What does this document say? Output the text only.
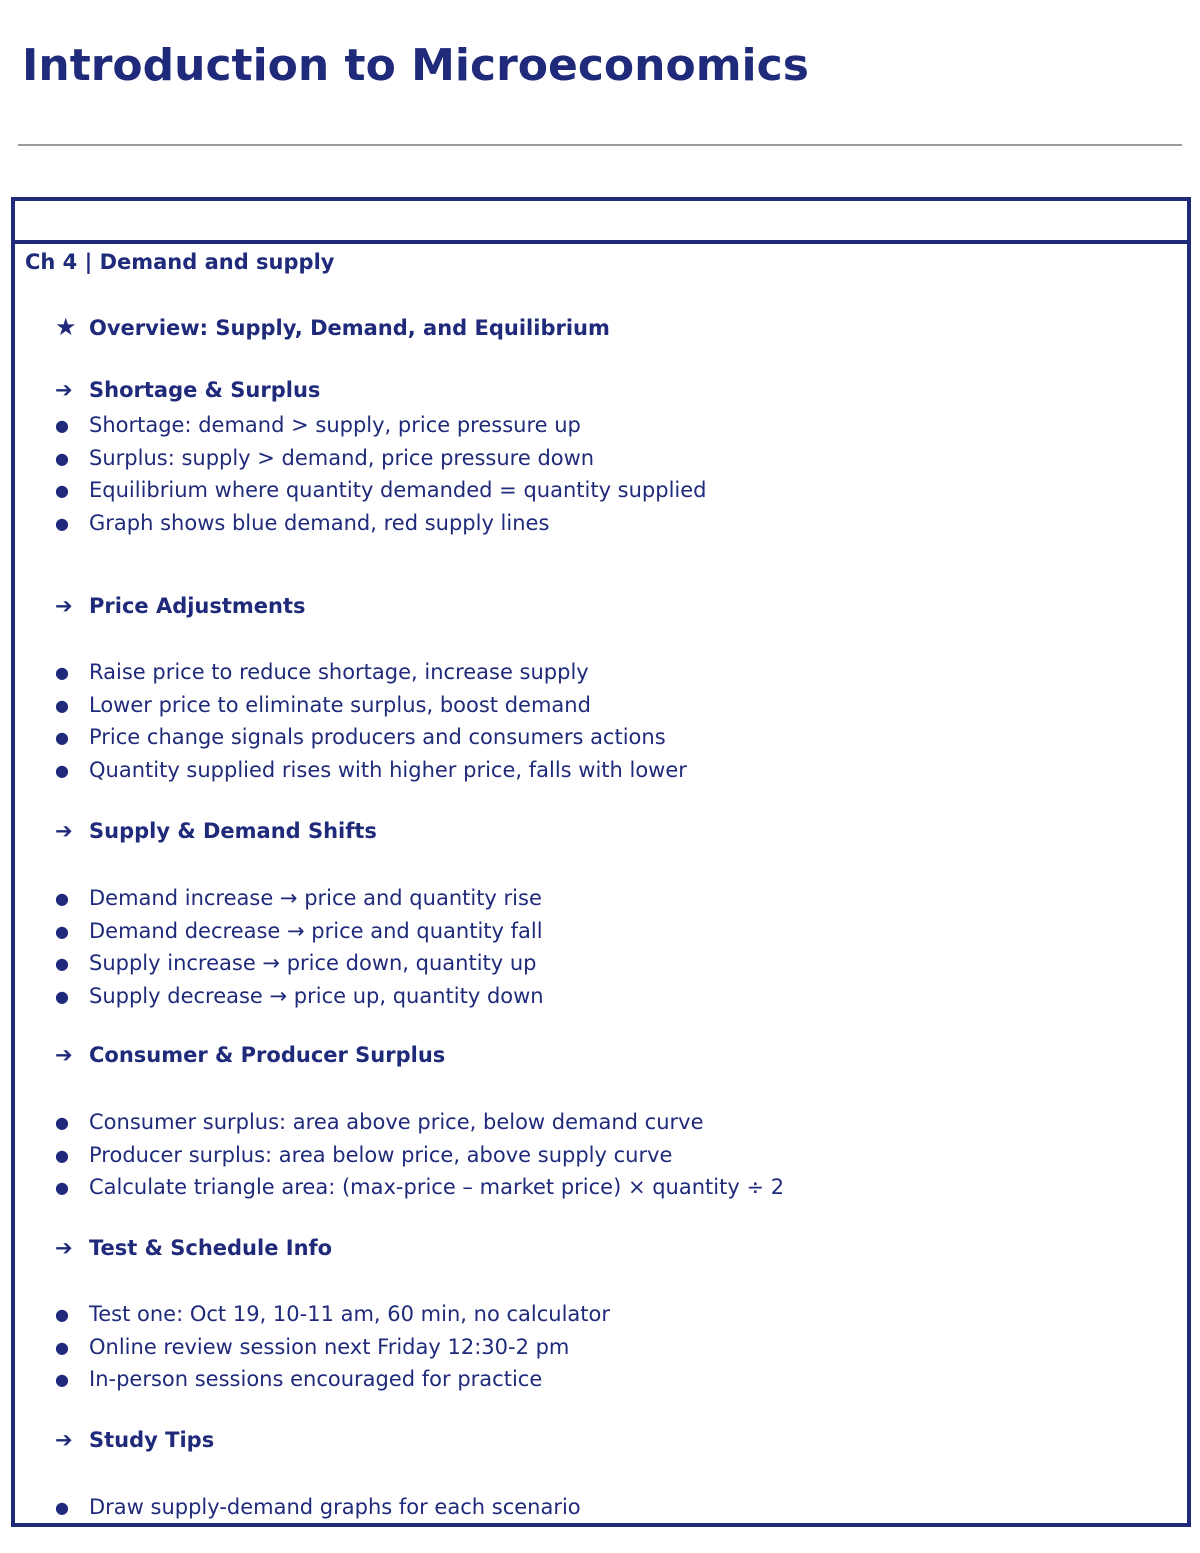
Introduction to Microeconomics
Ch 4 | Demand and supply
★ Overview: Supply, Demand, and Equilibrium
➔ Shortage & Surplus
● Shortage: demand > supply, price pressure up
● Surplus: supply > demand, price pressure down
● Equilibrium where quantity demanded = quantity supplied
● Graph shows blue demand, red supply lines
➔ Price Adjustments
● Raise price to reduce shortage, increase supply
● Lower price to eliminate surplus, boost demand
● Price change signals producers and consumers actions
● Quantity supplied rises with higher price, falls with lower
➔ Supply & Demand Shifts
● Demand increase → price and quantity rise
● Demand decrease → price and quantity fall
● Supply increase → price down, quantity up
● Supply decrease → price up, quantity down
➔ Consumer & Producer Surplus
● Consumer surplus: area above price, below demand curve
● Producer surplus: area below price, above supply curve
● Calculate triangle area: (max-price – market price) × quantity ÷ 2
➔ Test & Schedule Info
● Test one: Oct 19, 10-11 am, 60 min, no calculator
● Online review session next Friday 12:30-2 pm
● In-person sessions encouraged for practice
➔ Study Tips
● Draw supply-demand graphs for each scenario
